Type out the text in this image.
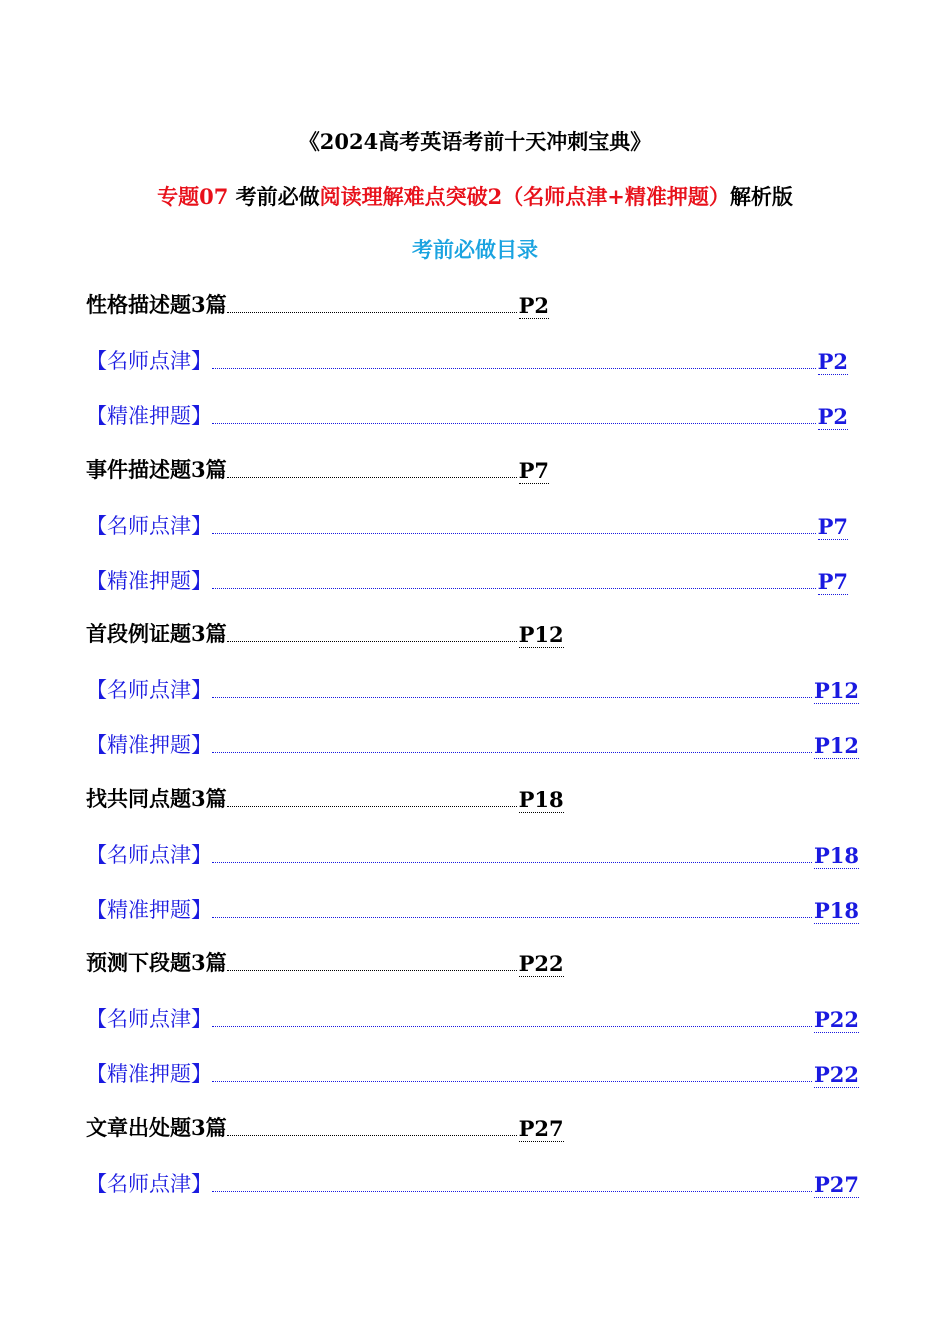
《2024高考英语考前十天冲刺宝典》
专题07 考前必做阅读理解难点突破2（名师点津+精准押题）解析版
考前必做目录
性格描述题3篇	P2
【名师点津】	P2
【精准押题】	P2
事件描述题3篇	P7
【名师点津】	P7
【精准押题】	P7
首段例证题3篇	P12
【名师点津】	P12
【精准押题】	P12
找共同点题3篇	P18
【名师点津】	P18
【精准押题】	P18
预测下段题3篇	P22
【名师点津】	P22
【精准押题】	P22
文章出处题3篇	P27
【名师点津】	P27
